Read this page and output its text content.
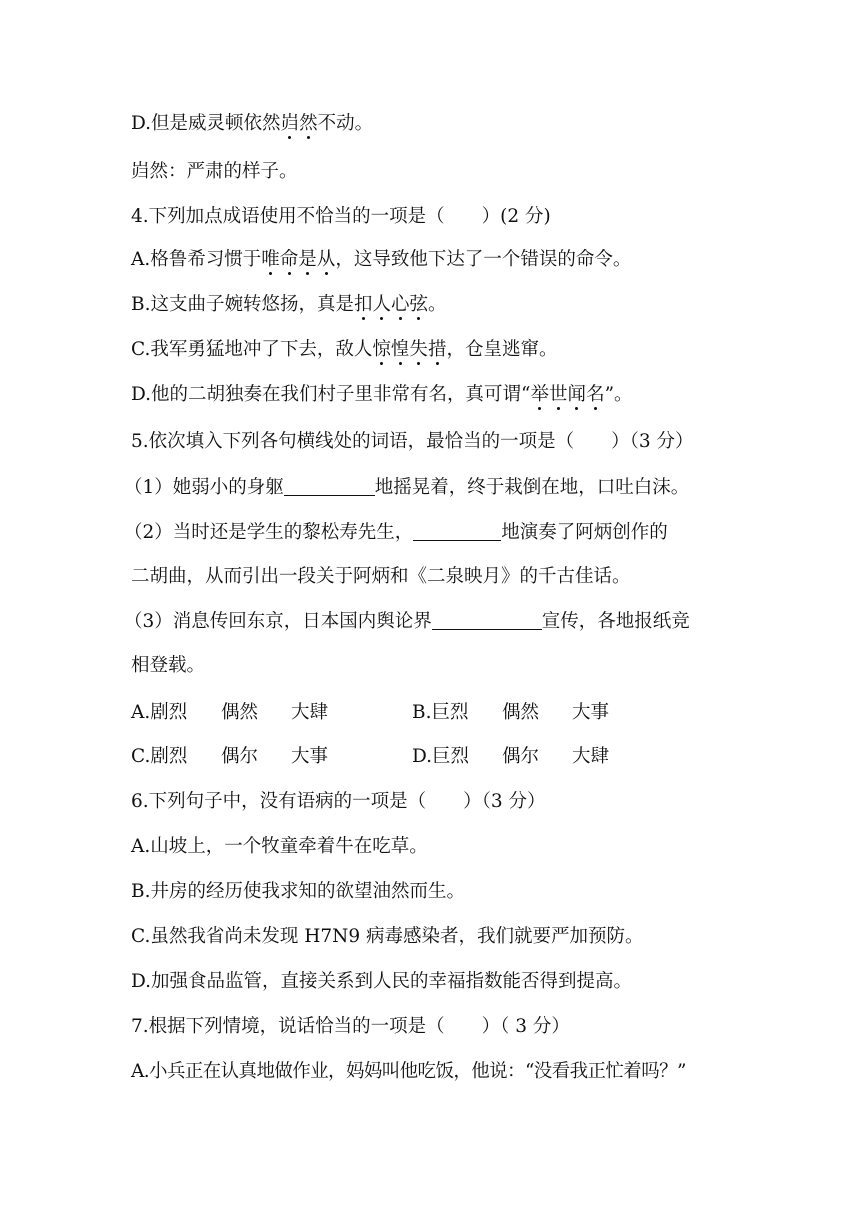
D.但是威灵顿依然岿然不动。
岿然：严肃的样子。
4.下列加点成语使用不恰当的一项是（　　）(2 分)
A.格鲁希习惯于唯命是从，这导致他下达了一个错误的命令。
B.这支曲子婉转悠扬，真是扣人心弦。
C.我军勇猛地冲了下去，敌人惊惶失措，仓皇逃窜。
D.他的二胡独奏在我们村子里非常有名，真可谓“举世闻名”。
5.依次填入下列各句横线处的词语，最恰当的一项是（　　）（3 分）
（1）她弱小的身躯	地摇晃着，终于栽倒在地，口吐白沫。
（2）当时还是学生的黎松寿先生，	地演奏了阿炳创作的
二胡曲，从而引出一段关于阿炳和《二泉映月》的千古佳话。
（3）消息传回东京，日本国内舆论界	宣传，各地报纸竞
相登载。
A.剧烈 偶然 大肆	B.巨烈 偶然 大事
C.剧烈 偶尔 大事	D.巨烈 偶尔 大肆
6.下列句子中，没有语病的一项是（　　）（3 分）
A.山坡上，一个牧童牵着牛在吃草。
B.井房的经历使我求知的欲望油然而生。
C.虽然我省尚未发现 H7N9 病毒感染者，我们就要严加预防。
D.加强食品监管，直接关系到人民的幸福指数能否得到提高。
7.根据下列情境，说话恰当的一项是（　　）（ 3 分）
A.小兵正在认真地做作业，妈妈叫他吃饭，他说：“没看我正忙着吗？”
